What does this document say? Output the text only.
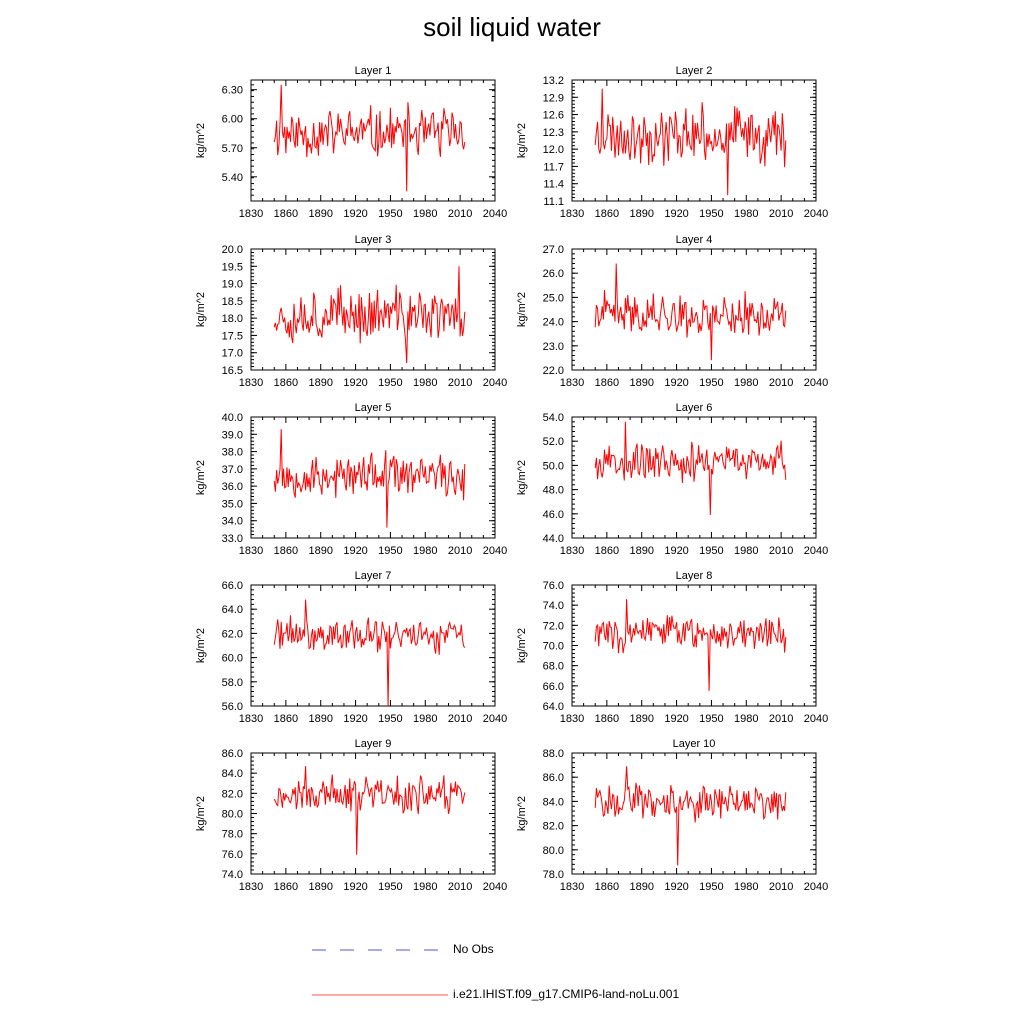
soil liquid water
Layer 1
1830 1860 1890 1920 1950 1980 2010 2040
5.40
5.70
6.00
6.30
kg/m^2
Layer 2
1830 1860 1890 1920 1950 1980 2010 2040
11.1
11.4
11.7
12.0
12.3
12.6
12.9
13.2
kg/m^2
Layer 3
1830 1860 1890 1920 1950 1980 2010 2040
16.5
17.0
17.5
18.0
18.5
19.0
19.5
20.0
kg/m^2
Layer 4
1830 1860 1890 1920 1950 1980 2010 2040
22.0
23.0
24.0
25.0
26.0
27.0
kg/m^2
Layer 5
1830 1860 1890 1920 1950 1980 2010 2040
33.0
34.0
35.0
36.0
37.0
38.0
39.0
40.0
kg/m^2
Layer 6
1830 1860 1890 1920 1950 1980 2010 2040
44.0
46.0
48.0
50.0
52.0
54.0
kg/m^2
Layer 7
1830 1860 1890 1920 1950 1980 2010 2040
56.0
58.0
60.0
62.0
64.0
66.0
kg/m^2
Layer 8
1830 1860 1890 1920 1950 1980 2010 2040
64.0
66.0
68.0
70.0
72.0
74.0
76.0
kg/m^2
Layer 9
1830 1860 1890 1920 1950 1980 2010 2040
74.0
76.0
78.0
80.0
82.0
84.0
86.0
kg/m^2
Layer 10
1830 1860 1890 1920 1950 1980 2010 2040
78.0
80.0
82.0
84.0
86.0
88.0
kg/m^2
No Obs
i.e21.IHIST.f09_g17.CMIP6-land-noLu.001
